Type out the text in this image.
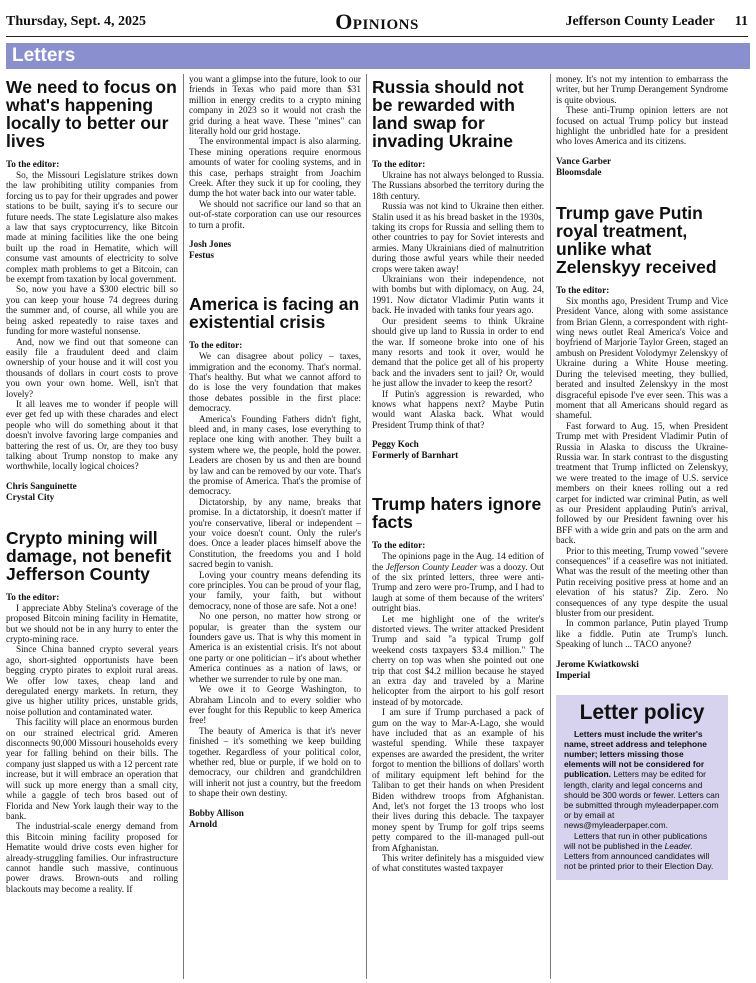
Thursday, Sept. 4, 2025	Opinions	Jefferson County Leader 11
Letters
We need to focus on what's happening locally to better our lives
To the editor:

So, the Missouri Legislature strikes down the law prohibiting utility companies from forcing us to pay for their upgrades and power stations to be built, saying it's to secure our future needs. The state Legislature also makes a law that says cryptocurrency, like Bitcoin made at mining facilities like the one being built up the road in Hematite, which will consume vast amounts of electricity to solve complex math problems to get a Bitcoin, can be exempt from taxation by local government.

So, now you have a $300 electric bill so you can keep your house 74 degrees during the summer and, of course, all while you are being asked repeatedly to raise taxes and funding for more wasteful nonsense.

And, now we find out that someone can easily file a fraudulent deed and claim ownership of your house and it will cost you thousands of dollars in court costs to prove you own your own home. Well, isn't that lovely?

It all leaves me to wonder if people will ever get fed up with these charades and elect people who will do something about it that doesn't involve favoring large companies and battering the rest of us. Or, are they too busy talking about Trump nonstop to make any worthwhile, locally logical choices?

Chris Sanguinette
Crystal City
Crypto mining will damage, not benefit Jefferson County
To the editor:

I appreciate Abby Stelina's coverage of the proposed Bitcoin mining facility in Hematite, but we should not be in any hurry to enter the crypto-mining race.

Since China banned crypto several years ago, short-sighted opportunists have been begging crypto pirates to exploit rural areas. We offer low taxes, cheap land and deregulated energy markets. In return, they give us higher utility prices, unstable grids, noise pollution and contaminated water.

This facility will place an enormous burden on our strained electrical grid. Ameren disconnects 90,000 Missouri households every year for falling behind on their bills. The company just slapped us with a 12 percent rate increase, but it will embrace an operation that will suck up more energy than a small city, while a gaggle of tech bros based out of Florida and New York laugh their way to the bank.

The industrial-scale energy demand from this Bitcoin mining facility proposed for Hematite would drive costs even higher for already-struggling families. Our infrastructure cannot handle such massive, continuous power draws. Brown-outs and rolling blackouts may become a reality. If

you want a glimpse into the future, look to our friends in Texas who paid more than $31 million in energy credits to a crypto mining company in 2023 so it would not crash the grid during a heat wave. These "mines" can literally hold our grid hostage.

The environmental impact is also alarming. These mining operations require enormous amounts of water for cooling systems, and in this case, perhaps straight from Joachim Creek. After they suck it up for cooling, they dump the hot water back into our water table.

We should not sacrifice our land so that an out-of-state corporation can use our resources to turn a profit.

Josh Jones
Festus
America is facing an existential crisis
To the editor:

We can disagree about policy – taxes, immigration and the economy. That's normal. That's healthy. But what we cannot afford to do is lose the very foundation that makes those debates possible in the first place: democracy.

America's Founding Fathers didn't fight, bleed and, in many cases, lose everything to replace one king with another. They built a system where we, the people, hold the power. Leaders are chosen by us and then are bound by law and can be removed by our vote. That's the promise of America. That's the promise of democracy.

Dictatorship, by any name, breaks that promise. In a dictatorship, it doesn't matter if you're conservative, liberal or independent – your voice doesn't count. Only the ruler's does. Once a leader places himself above the Constitution, the freedoms you and I hold sacred begin to vanish.

Loving your country means defending its core principles. You can be proud of your flag, your family, your faith, but without democracy, none of those are safe. Not a one!

No one person, no matter how strong or popular, is greater than the system our founders gave us. That is why this moment in America is an existential crisis. It's not about one party or one politician – it's about whether America continues as a nation of laws, or whether we surrender to rule by one man.

We owe it to George Washington, to Abraham Lincoln and to every soldier who ever fought for this Republic to keep America free!

The beauty of America is that it's never finished – it's something we keep building together. Regardless of your political color, whether red, blue or purple, if we hold on to democracy, our children and grandchildren will inherit not just a country, but the freedom to shape their own destiny.

Bobby Allison
Arnold
Russia should not be rewarded with land swap for invading Ukraine
To the editor:

Ukraine has not always belonged to Russia. The Russians absorbed the territory during the 18th century.

Russia was not kind to Ukraine then either. Stalin used it as his bread basket in the 1930s, taking its crops for Russia and selling them to other countries to pay for Soviet interests and armies. Many Ukrainians died of malnutrition during those awful years while their needed crops were taken away!

Ukrainians won their independence, not with bombs but with diplomacy, on Aug. 24, 1991. Now dictator Vladimir Putin wants it back. He invaded with tanks four years ago.

Our president seems to think Ukraine should give up land to Russia in order to end the war. If someone broke into one of his many resorts and took it over, would he demand that the police get all of his property back and the invaders sent to jail? Or, would he just allow the invader to keep the resort?

If Putin's aggression is rewarded, who knows what happens next? Maybe Putin would want Alaska back. What would President Trump think of that?

Peggy Koch
Formerly of Barnhart
Trump haters ignore facts
To the editor:

The opinions page in the Aug. 14 edition of the Jefferson County Leader was a doozy. Out of the six printed letters, three were anti-Trump and zero were pro-Trump, and I had to laugh at some of them because of the writers' outright bias.

Let me highlight one of the writer's distorted views. The writer attacked President Trump and said "a typical Trump golf weekend costs taxpayers $3.4 million." The cherry on top was when she pointed out one trip that cost $4.2 million because he stayed an extra day and traveled by a Marine helicopter from the airport to his golf resort instead of by motorcade.

I am sure if Trump purchased a pack of gum on the way to Mar-A-Lago, she would have included that as an example of his wasteful spending. While these taxpayer expenses are awarded the president, the writer forgot to mention the billions of dollars' worth of military equipment left behind for the Taliban to get their hands on when President Biden withdrew troops from Afghanistan. And, let's not forget the 13 troops who lost their lives during this debacle. The taxpayer money spent by Trump for golf trips seems petty compared to the ill-managed pull-out from Afghanistan.

This writer definitely has a misguided view of what constitutes wasted taxpayer

money. It's not my intention to embarrass the writer, but her Trump Derangement Syndrome is quite obvious.

These anti-Trump opinion letters are not focused on actual Trump policy but instead highlight the unbridled hate for a president who loves America and its citizens.

Vance Garber
Bloomsdale
Trump gave Putin royal treatment, unlike what Zelenskyy received
To the editor:

Six months ago, President Trump and Vice President Vance, along with some assistance from Brian Glenn, a correspondent with right-wing news outlet Real America's Voice and boyfriend of Marjorie Taylor Green, staged an ambush on President Volodymyr Zelenskyy of Ukraine during a White House meeting. During the televised meeting, they bullied, berated and insulted Zelenskyy in the most disgraceful episode I've ever seen. This was a moment that all Americans should regard as shameful.

Fast forward to Aug. 15, when President Trump met with President Vladimir Putin of Russia in Alaska to discuss the Ukraine-Russia war. In stark contrast to the disgusting treatment that Trump inflicted on Zelenskyy, we were treated to the image of U.S. service members on their knees rolling out a red carpet for indicted war criminal Putin, as well as our President applauding Putin's arrival, followed by our President fawning over his BFF with a wide grin and pats on the arm and back.

Prior to this meeting, Trump vowed "severe consequences" if a ceasefire was not initiated. What was the result of the meeting other than Putin receiving positive press at home and an elevation of his status? Zip. Zero. No consequences of any type despite the usual bluster from our president.

In common parlance, Putin played Trump like a fiddle. Putin ate Trump's lunch. Speaking of lunch ... TACO anyone?

Jerome Kwiatkowski
Imperial
Letter policy

Letters must include the writer's name, street address and telephone number; letters missing those elements will not be considered for publication. Letters may be edited for length, clarity and legal concerns and should be 300 words or fewer. Letters can be submitted through myleaderpaper.com or by email at news@myleaderpaper.com.

Letters that run in other publications will not be published in the Leader. Letters from announced candidates will not be printed prior to their Election Day.
